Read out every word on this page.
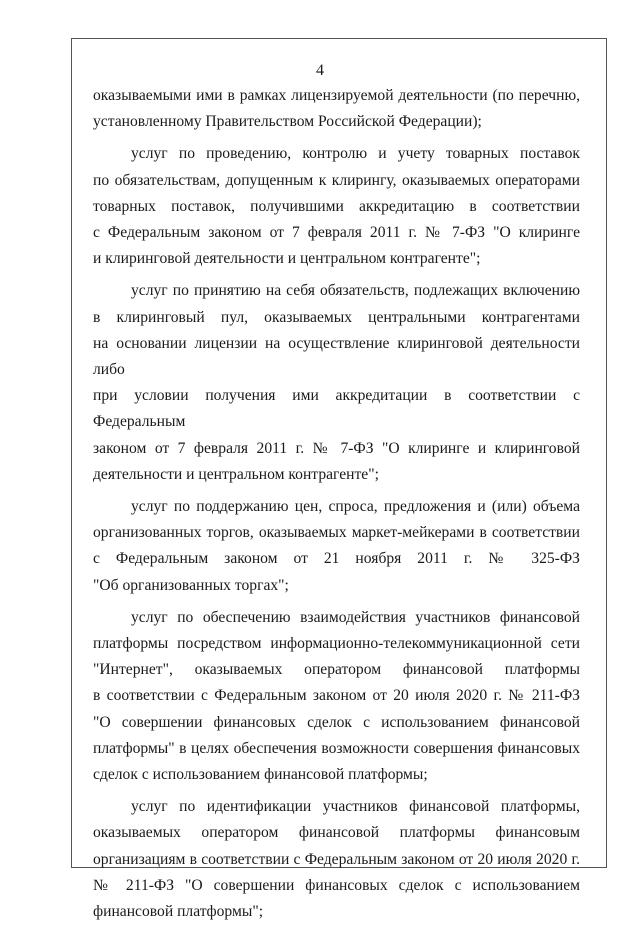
4
оказываемыми ими в рамках лицензируемой деятельности (по перечню,
установленному Правительством Российской Федерации);
услуг по проведению, контролю и учету товарных поставок
по обязательствам, допущенным к клирингу, оказываемых операторами
товарных поставок, получившими аккредитацию в соответствии
с Федеральным законом от 7 февраля 2011 г. № 7-ФЗ "О клиринге
и клиринговой деятельности и центральном контрагенте";
услуг по принятию на себя обязательств, подлежащих включению
в клиринговый пул, оказываемых центральными контрагентами
на основании лицензии на осуществление клиринговой деятельности либо
при условии получения ими аккредитации в соответствии с Федеральным
законом от 7 февраля 2011 г. № 7-ФЗ "О клиринге и клиринговой
деятельности и центральном контрагенте";
услуг по поддержанию цен, спроса, предложения и (или) объема
организованных торгов, оказываемых маркет-мейкерами в соответствии
с Федеральным законом от 21 ноября 2011 г. № 325-ФЗ
"Об организованных торгах";
услуг по обеспечению взаимодействия участников финансовой
платформы посредством информационно-телекоммуникационной сети
"Интернет", оказываемых оператором финансовой платформы
в соответствии с Федеральным законом от 20 июля 2020 г. № 211-ФЗ
"О совершении финансовых сделок с использованием финансовой
платформы" в целях обеспечения возможности совершения финансовых
сделок с использованием финансовой платформы;
услуг по идентификации участников финансовой платформы,
оказываемых оператором финансовой платформы финансовым
организациям в соответствии с Федеральным законом от 20 июля 2020 г.
№ 211-ФЗ "О совершении финансовых сделок с использованием
финансовой платформы";
